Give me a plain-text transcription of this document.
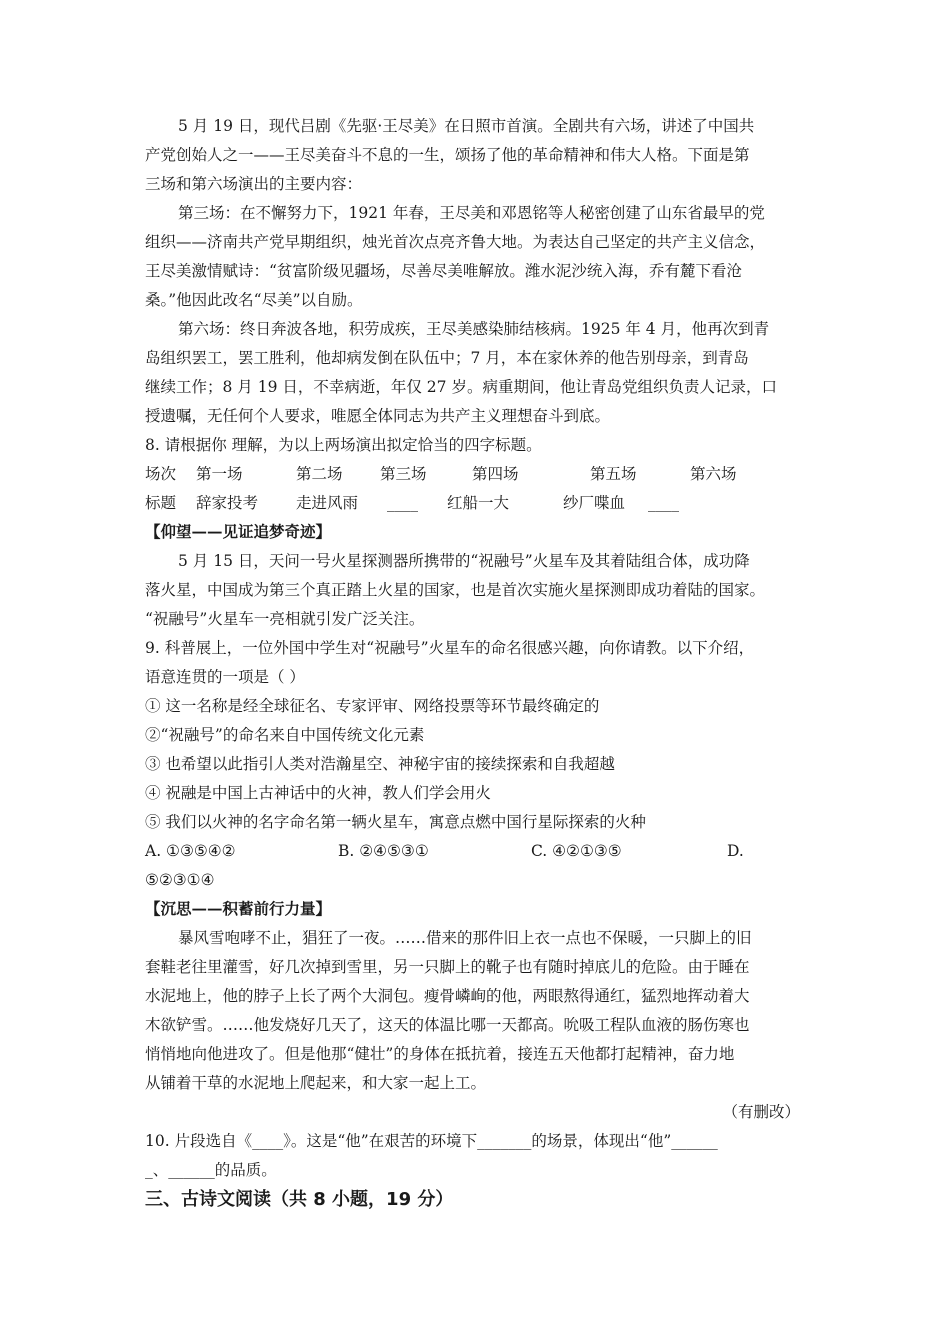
5 月 19 日，现代吕剧《先驱·王尽美》在日照市首演。全剧共有六场，讲述了中国共
产党创始人之一——王尽美奋斗不息的一生，颂扬了他的革命精神和伟大人格。下面是第
三场和第六场演出的主要内容：
第三场：在不懈努力下，1921 年春，王尽美和邓恩铭等人秘密创建了山东省最早的党
组织——济南共产党早期组织，烛光首次点亮齐鲁大地。为表达自己坚定的共产主义信念，
王尽美激情赋诗：“贫富阶级见疆场，尽善尽美唯解放。潍水泥沙统入海，乔有麓下看沧
桑。”他因此改名“尽美”以自励。
第六场：终日奔波各地，积劳成疾，王尽美感染肺结核病。1925 年 4 月，他再次到青
岛组织罢工，罢工胜利，他却病发倒在队伍中；7 月，本在家休养的他告别母亲，到青岛
继续工作；8 月 19 日，不幸病逝，年仅 27 岁。病重期间，他让青岛党组织负责人记录，口
授遗嘱，无任何个人要求，唯愿全体同志为共产主义理想奋斗到底。
8. 请根据你 理解，为以上两场演出拟定恰当的四字标题。
场次 第一场	第二场 第三场	第四场	第五场	第六场
标题 辞家投考 走进风雨 ____ 红船一大	纱厂喋血 ____
【仰望——见证追梦奇迹】
5 月 15 日，天问一号火星探测器所携带的“祝融号”火星车及其着陆组合体，成功降
落火星，中国成为第三个真正踏上火星的国家，也是首次实施火星探测即成功着陆的国家。
“祝融号”火星车一亮相就引发广泛关注。
9. 科普展上，一位外国中学生对“祝融号”火星车的命名很感兴趣，向你请教。以下介绍，
语意连贯的一项是（ ）
① 这一名称是经全球征名、专家评审、网络投票等环节最终确定的
②“祝融号”的命名来自中国传统文化元素
③ 也希望以此指引人类对浩瀚星空、神秘宇宙的接续探索和自我超越
④ 祝融是中国上古神话中的火神，教人们学会用火
⑤ 我们以火神的名字命名第一辆火星车，寓意点燃中国行星际探索的火种
A. ①③⑤④②	B. ②④⑤③①	C. ④②①③⑤	D.
⑤②③①④
【沉思——积蓄前行力量】
暴风雪咆哮不止，猖狂了一夜。……借来的那件旧上衣一点也不保暖，一只脚上的旧
套鞋老往里灌雪，好几次掉到雪里，另一只脚上的靴子也有随时掉底儿的危险。由于睡在
水泥地上，他的脖子上长了两个大洞包。瘦骨嶙峋的他，两眼熬得通红，猛烈地挥动着大
木欲铲雪。……他发烧好几天了，这天的体温比哪一天都高。吮吸工程队血液的肠伤寒也
悄悄地向他进攻了。但是他那“健壮”的身体在抵抗着，接连五天他都打起精神，奋力地
从铺着干草的水泥地上爬起来，和大家一起上工。
（有删改）
10. 片段选自《____》。这是“他”在艰苦的环境下_______的场景，体现出“他”______
_、______的品质。
三、古诗文阅读（共 8 小题，19 分）
